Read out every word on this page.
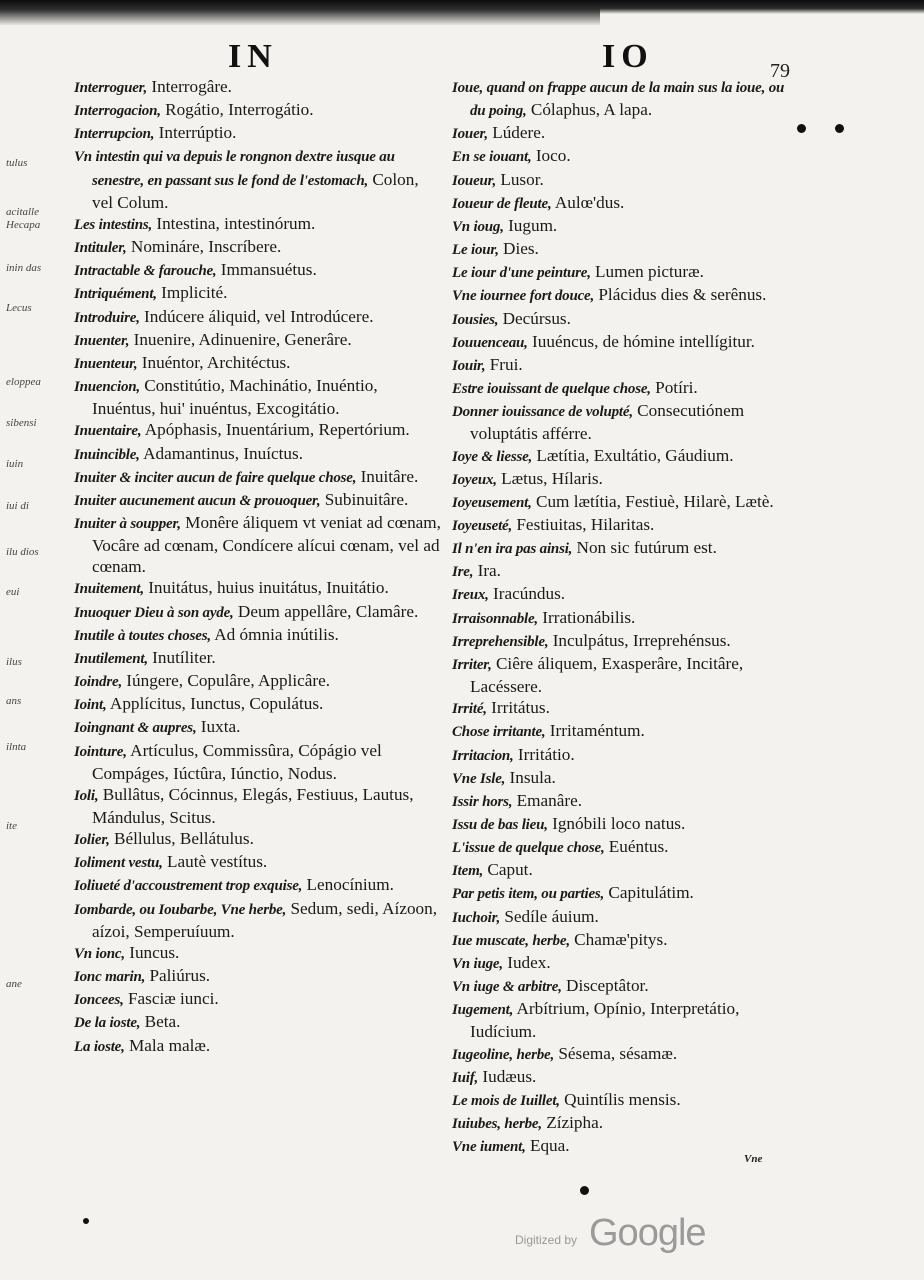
IN	IO	79
tulus
acitalle
Hecapa
inin das
Lecus
eloppea
sibensi
iuin
iui di
ilu dios
eui
ilus
ans
ilnta
ite
ane
Interroguer, Interrogâre.
Interrogacion, Rogátio, Interrogátio.
Interrupcion, Interrúptio.
Vn intestin qui va depuis le rongnon dextre iusque au senestre, en passant sus le fond de l'estomach, Colon, vel Colum.
Les intestins, Intestina, intestinórum.
Intituler, Nomináre, Inscríbere.
Intractable & farouche, Immansuétus.
Intriquément, Implicité.
Introduire, Indúcere áliquid, vel Introdúcere.
Inuenter, Inuenire, Adinuenire, Generâre.
Inuenteur, Inuéntor, Architéctus.
Inuencion, Constitútio, Machinátio, Inuéntio, Inuéntus, hui' inuéntus, Excogitátio.
Inuentaire, Apóphasis, Inuentárium, Repertórium.
Inuincible, Adamantinus, Inuíctus.
Inuiter & inciter aucun de faire quelque chose, Inuitâre.
Inuiter aucunement aucun & prouoquer, Subinuitâre.
Inuiter à soupper, Monêre áliquem vt veniat ad cœnam, Vocâre ad cœnam, Condícere alícui cœnam, vel ad cœnam.
Inuitement, Inuitátus, huius inuitátus, Inuitátio.
Inuoquer Dieu à son ayde, Deum appellâre, Clamâre.
Inutile à toutes choses, Ad ómnia inútilis.
Inutilement, Inutíliter.
Ioindre, Iúngere, Copulâre, Applicâre.
Ioint, Applícitus, Iunctus, Copulátus.
Ioingnant & aupres, Iuxta.
Iointure, Artículus, Commissûra, Cópágio vel Compáges, Iúctûra, Iúnctio, Nodus.
Ioli, Bullâtus, Cócinnus, Elegás, Festiuus, Lautus, Mándulus, Scitus.
Iolier, Béllulus, Bellátulus.
Ioliment vestu, Lautè vestítus.
Ioliueté d'accoustrement trop exquise, Lenocínium.
Iombarde, ou Ioubarbe, Vne herbe, Sedum, sedi, Aízoon, aízoi, Semperuíuum.
Vn ionc, Iuncus.
Ionc marin, Paliúrus.
Ioncees, Fasciæ iunci.
De la ioste, Beta.
La ioste, Mala malæ.
Ioue, quand on frappe aucun de la main sus la ioue, ou du poing, Cólaphus, A lapa.
Iouer, Lúdere.
En se iouant, Ioco.
Ioueur, Lusor.
Ioueur de fleute, Aulœ'dus.
Vn ioug, Iugum.
Le iour, Dies.
Le iour d'une peinture, Lumen picturæ.
Vne iournee fort douce, Plácidus dies & serênus.
Iousies, Decúrsus.
Iouuenceau, Iuuéncus, de hómine intellígitur.
Iouir, Frui.
Estre iouissant de quelque chose, Potíri.
Donner iouissance de volupté, Consecutiónem voluptátis afférre.
Ioye & liesse, Lætítia, Exultátio, Gáudium.
Ioyeux, Lætus, Hílaris.
Ioyeusement, Cum lætítia, Festiuè, Hilarè, Lætè.
Ioyeuseté, Festiuitas, Hilaritas.
Il n'en ira pas ainsi, Non sic futúrum est.
Ire, Ira.
Ireux, Iracúndus.
Irraisonnable, Irrationábilis.
Irreprehensible, Inculpátus, Irreprehénsus.
Irriter, Ciêre áliquem, Exasperâre, Incitâre, Lacéssere.
Irrité, Irritátus.
Chose irritante, Irritaméntum.
Irritacion, Irritátio.
Vne Isle, Insula.
Issir hors, Emanâre.
Issu de bas lieu, Ignóbili loco natus.
L'issue de quelque chose, Euéntus.
Item, Caput.
Par petis item, ou parties, Capitulátim.
Iuchoir, Sedíle áuium.
Iue muscate, herbe, Chamæ'pitys.
Vn iuge, Iudex.
Vn iuge & arbitre, Disceptâtor.
Iugement, Arbítrium, Opínio, Interpretátio, Iudícium.
Iugeoline, herbe, Sésema, sésamæ.
Iuif, Iudæus.
Le mois de Iuillet, Quintílis mensis.
Iuiubes, herbe, Zízipha.
Vne iument, Equa.
Vne
Digitized by Google
